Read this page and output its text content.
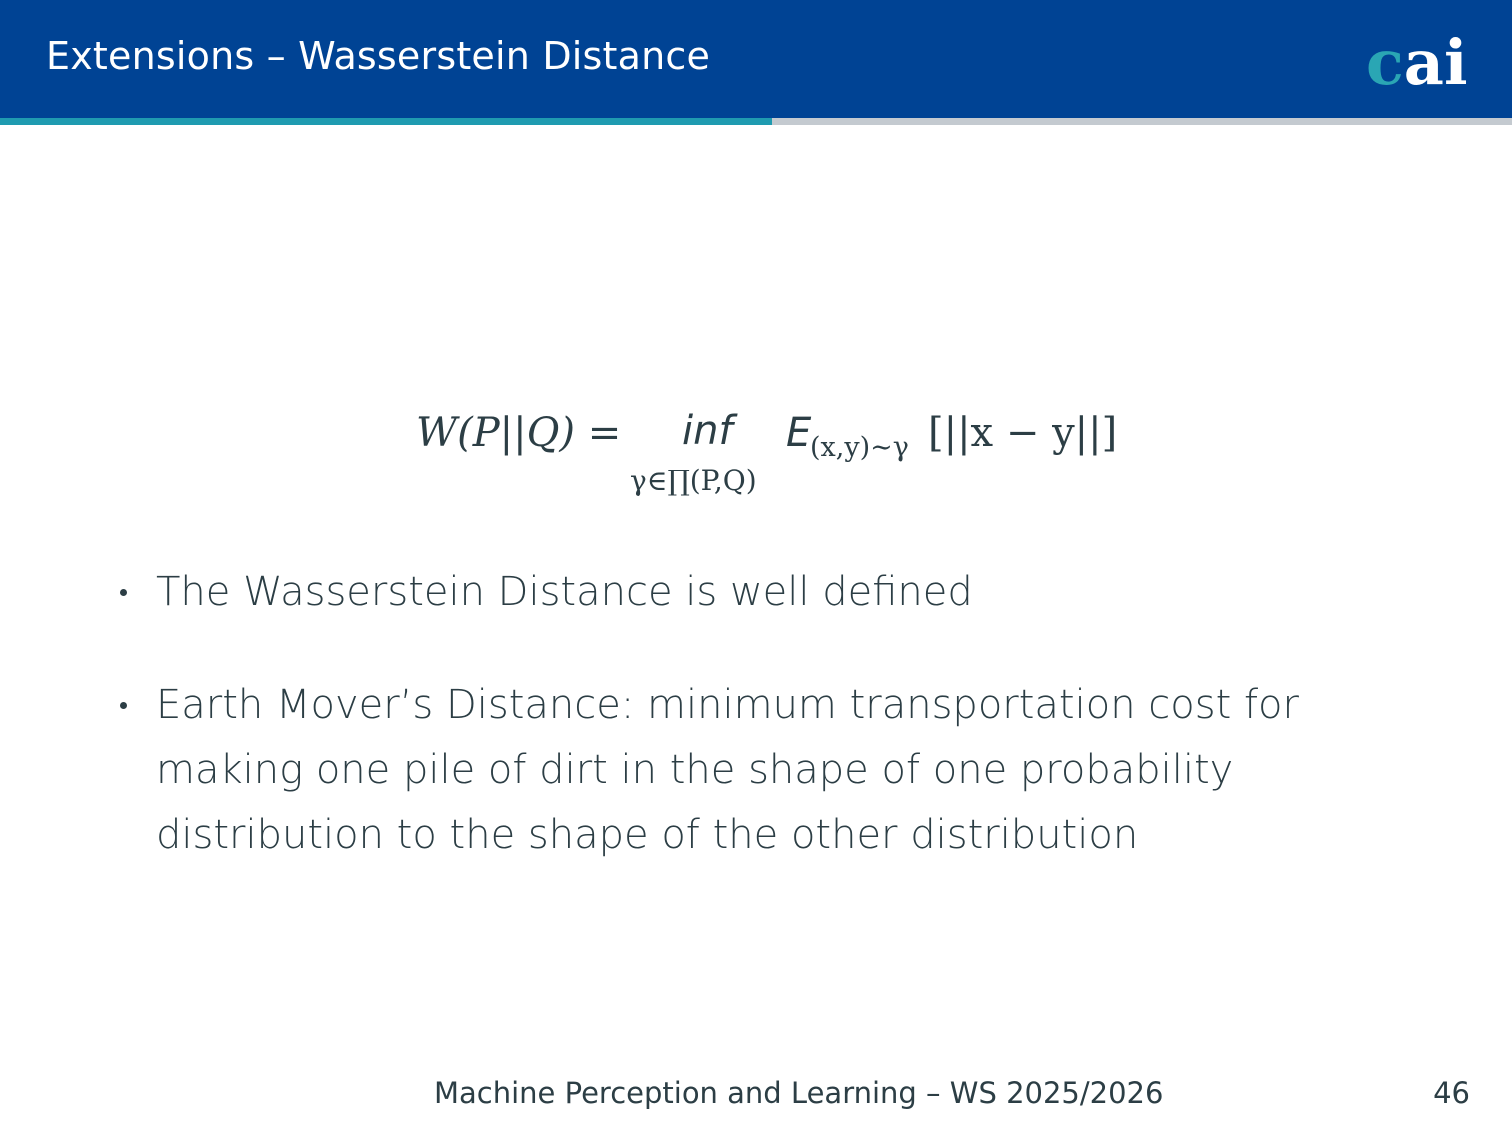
Extensions – Wasserstein Distance	cai
W(P||Q) = inf
γ∈∏(P,Q)
E
(x,y)∼γ [||x − y||]
The Wasserstein Distance is well defined
Earth Mover’s Distance: minimum transportation cost for making one pile of dirt in the shape of one probability distribution to the shape of the other distribution
Machine Perception and Learning – WS 2025/2026	46
